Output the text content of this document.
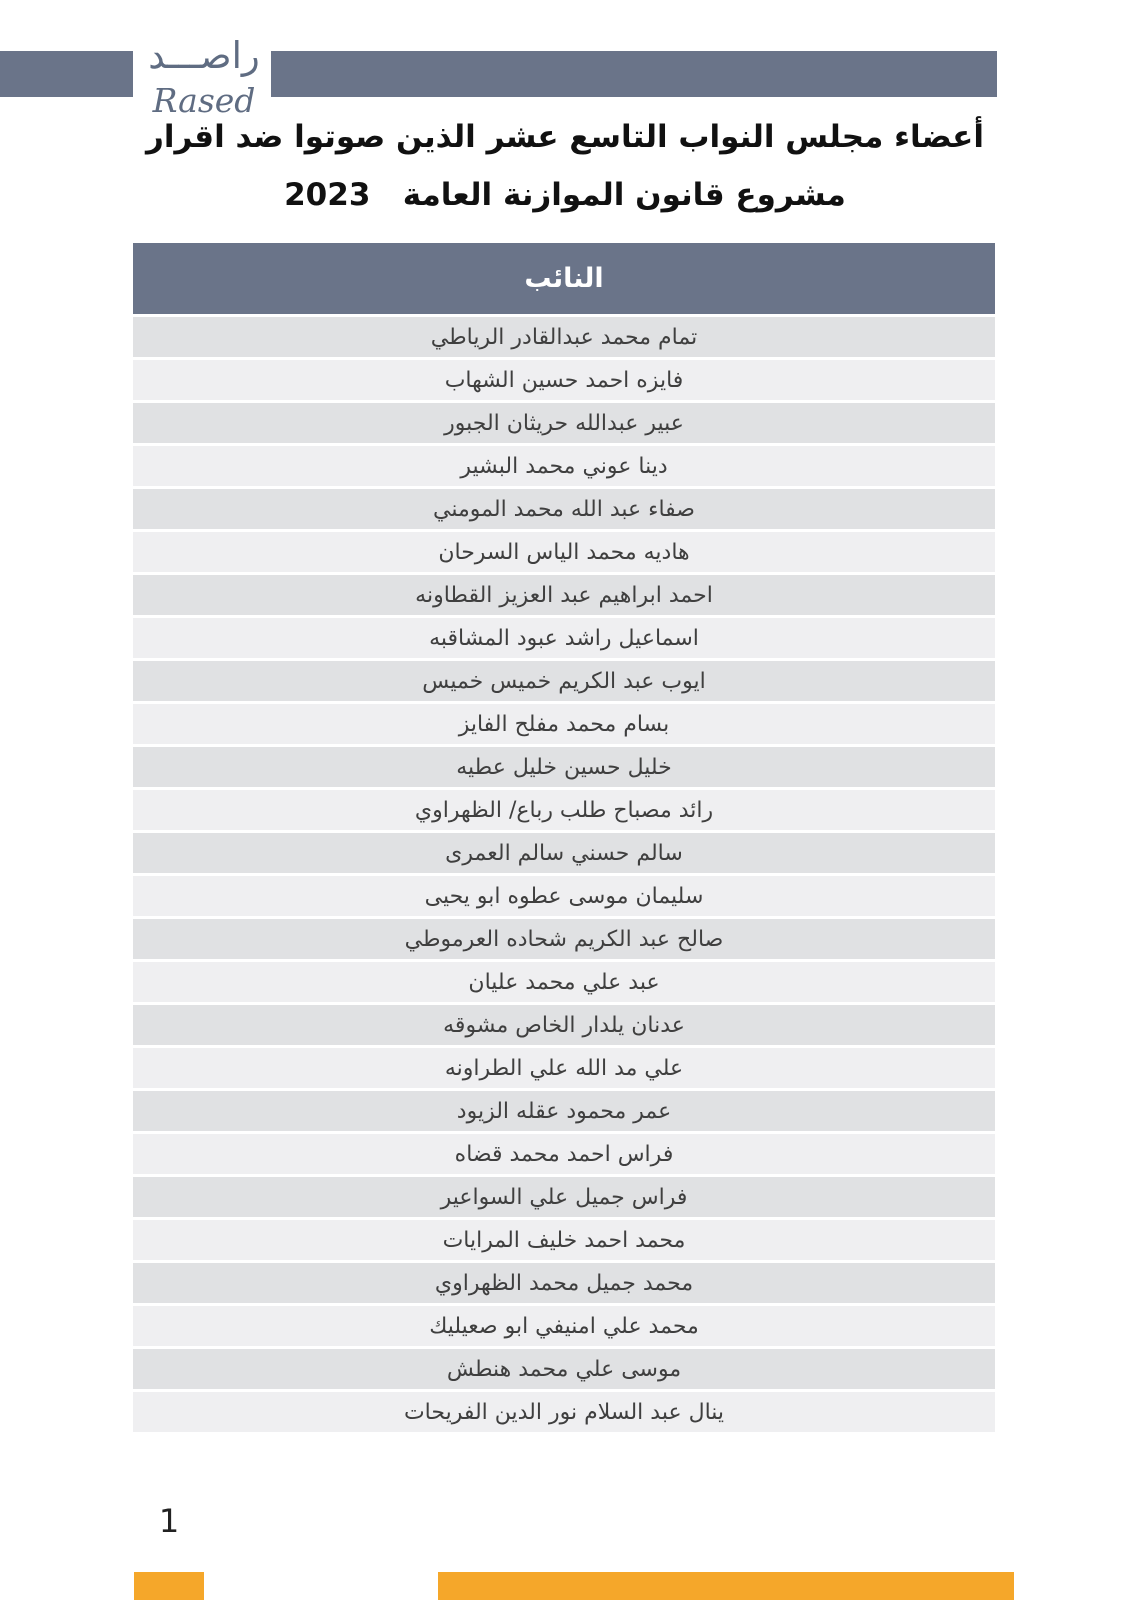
راصـــد
Rased
أعضاء مجلس النواب التاسع عشر الذين صوتوا ضد اقرار
مشروع قانون الموازنة العامة   2023
النائب
تمام محمد عبدالقادر الرياطي
فايزه احمد حسين الشهاب
عبير عبدالله حريثان الجبور
دينا عوني محمد البشير
صفاء عبد الله محمد المومني
هاديه محمد الياس السرحان
احمد ابراهيم عبد العزيز القطاونه
اسماعيل راشد عبود المشاقبه
ايوب عبد الكريم خميس خميس
بسام محمد مفلح الفايز
خليل حسين خليل عطيه
رائد مصباح طلب رباع/ الظهراوي
سالم حسني سالم العمرى
سليمان موسى عطوه ابو يحيى
صالح عبد الكريم شحاده العرموطي
عبد علي محمد عليان
عدنان يلدار الخاص مشوقه
علي مد الله علي الطراونه
عمر محمود عقله الزيود
فراس احمد محمد قضاه
فراس جميل علي السواعير
محمد احمد خليف المرايات
محمد جميل محمد الظهراوي
محمد علي امنيفي ابو صعيليك
موسى علي محمد هنطش
ينال عبد السلام نور الدين الفريحات
1
